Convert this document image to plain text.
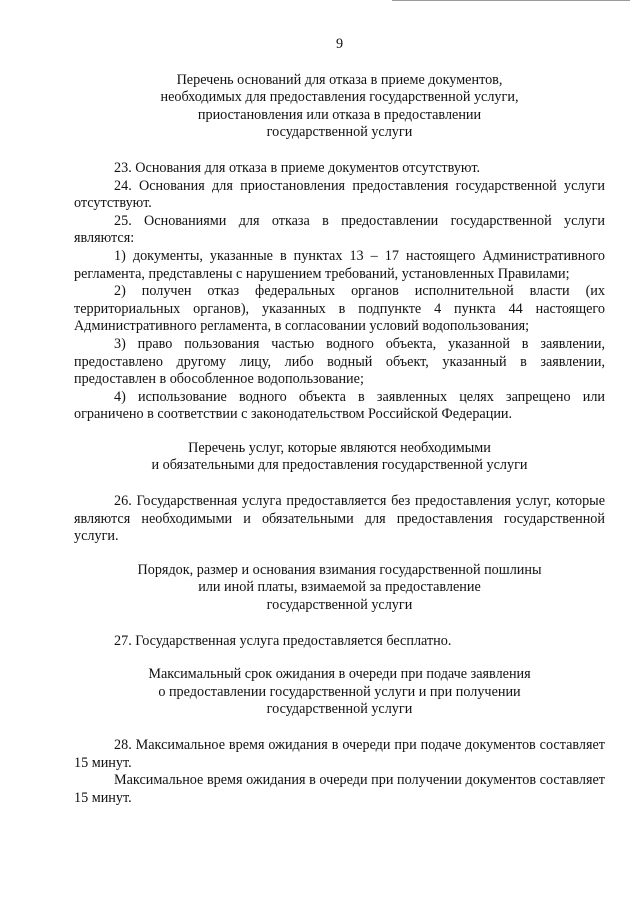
9
Перечень оснований для отказа в приеме документов,
необходимых для предоставления государственной услуги,
приостановления или отказа в предоставлении
государственной услуги

23. Основания для отказа в приеме документов отсутствуют.

24. Основания для приостановления предоставления государственной услуги отсутствуют.

25. Основаниями для отказа в предоставлении государственной услуги являются:

1) документы, указанные в пунктах 13 – 17 настоящего Административного регламента, представлены с нарушением требований, установленных Правилами;

2) получен отказ федеральных органов исполнительной власти (их территориальных органов), указанных в подпункте 4 пункта 44 настоящего Административного регламента, в согласовании условий водопользования;

3) право пользования частью водного объекта, указанной в заявлении, предоставлено другому лицу, либо водный объект, указанный в заявлении, предоставлен в обособленное водопользование;

4) использование водного объекта в заявленных целях запрещено или ограничено в соответствии с законодательством Российской Федерации.

Перечень услуг, которые являются необходимыми
и обязательными для предоставления государственной услуги

26. Государственная услуга предоставляется без предоставления услуг, которые являются необходимыми и обязательными для предоставления государственной услуги.

Порядок, размер и основания взимания государственной пошлины
или иной платы, взимаемой за предоставление
государственной услуги

27. Государственная услуга предоставляется бесплатно.

Максимальный срок ожидания в очереди при подаче заявления
о предоставлении государственной услуги и при получении
государственной услуги

28. Максимальное время ожидания в очереди при подаче документов составляет 15 минут.

Максимальное время ожидания в очереди при получении документов составляет 15 минут.
